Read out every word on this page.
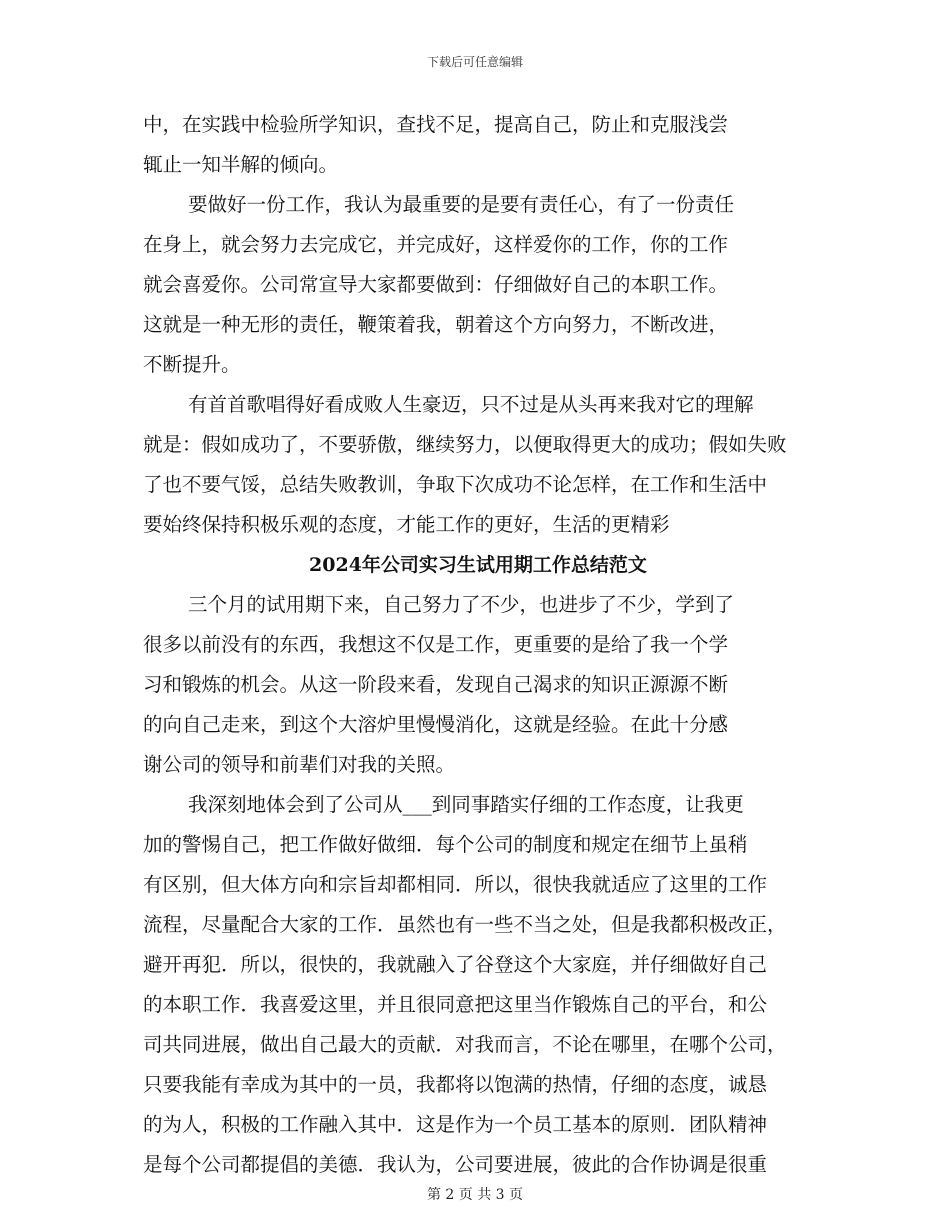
下载后可任意编辑
中，在实践中检验所学知识，查找不足，提高自己，防止和克服浅尝
辄止一知半解的倾向。
要做好一份工作，我认为最重要的是要有责任心，有了一份责任
在身上，就会努力去完成它，并完成好，这样爱你的工作，你的工作
就会喜爱你。公司常宣导大家都要做到：仔细做好自己的本职工作。
这就是一种无形的责任，鞭策着我，朝着这个方向努力，不断改进，
不断提升。
有首首歌唱得好看成败人生豪迈，只不过是从头再来我对它的理解
就是：假如成功了，不要骄傲，继续努力，以便取得更大的成功；假如失败
了也不要气馁，总结失败教训，争取下次成功不论怎样，在工作和生活中
要始终保持积极乐观的态度，才能工作的更好，生活的更精彩
2024年公司实习生试用期工作总结范文
三个月的试用期下来，自己努力了不少，也进步了不少，学到了
很多以前没有的东西，我想这不仅是工作，更重要的是给了我一个学
习和锻炼的机会。从这一阶段来看，发现自己渴求的知识正源源不断
的向自己走来，到这个大溶炉里慢慢消化，这就是经验。在此十分感
谢公司的领导和前辈们对我的关照。
我深刻地体会到了公司从___到同事踏实仔细的工作态度，让我更
加的警惕自己，把工作做好做细．每个公司的制度和规定在细节上虽稍
有区别，但大体方向和宗旨却都相同．所以，很快我就适应了这里的工作
流程，尽量配合大家的工作．虽然也有一些不当之处，但是我都积极改正，
避开再犯．所以，很快的，我就融入了谷登这个大家庭，并仔细做好自己
的本职工作．我喜爱这里，并且很同意把这里当作锻炼自己的平台，和公
司共同进展，做出自己最大的贡献．对我而言，不论在哪里，在哪个公司，
只要我能有幸成为其中的一员，我都将以饱满的热情，仔细的态度，诚恳
的为人，积极的工作融入其中．这是作为一个员工基本的原则．团队精神
是每个公司都提倡的美德．我认为，公司要进展，彼此的合作协调是很重
第 2 页 共 3 页
